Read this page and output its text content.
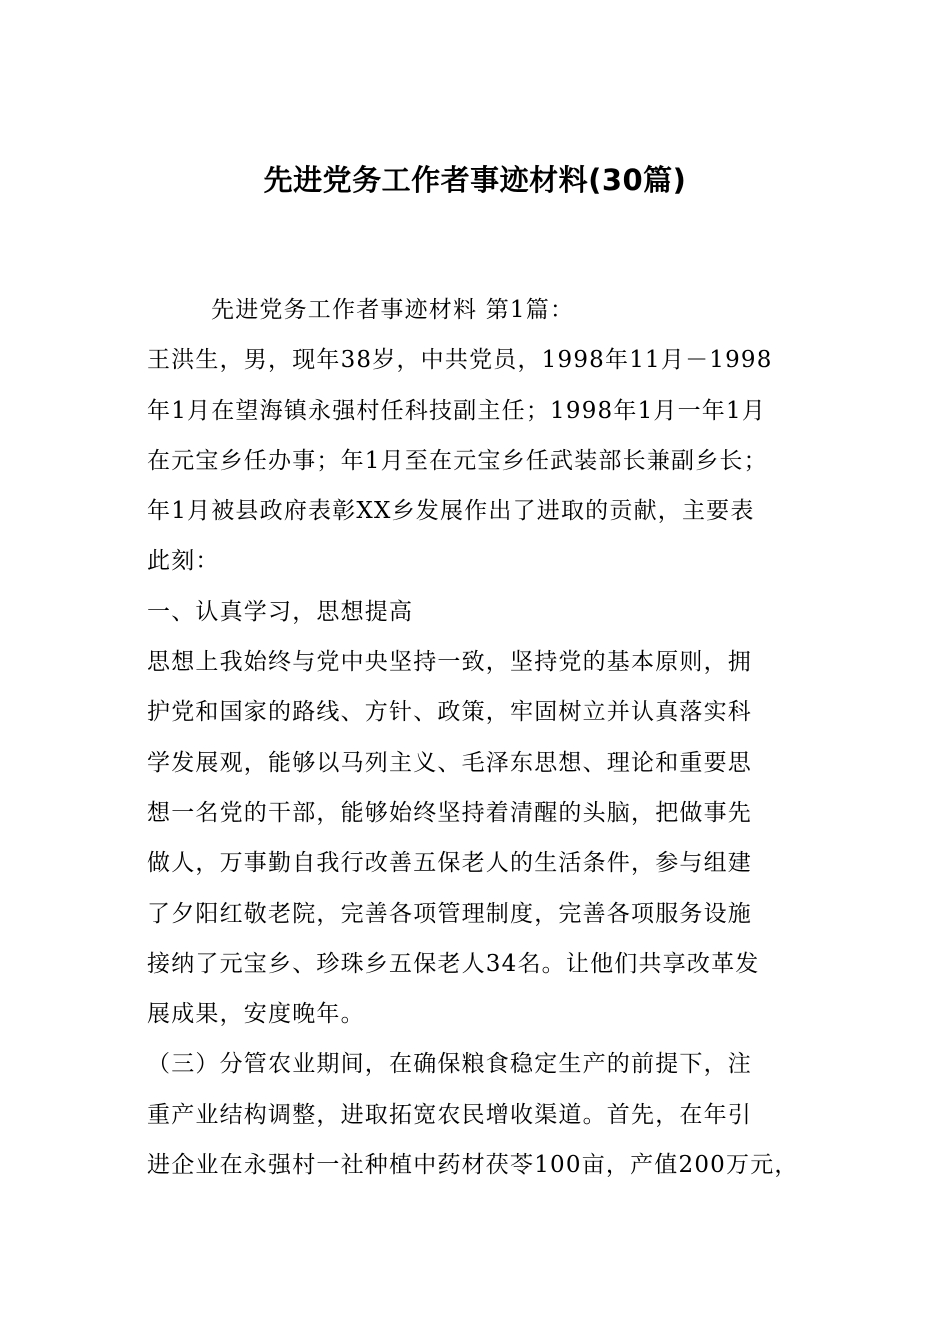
先进党务工作者事迹材料(30篇)
先进党务工作者事迹材料 第1篇：
王洪生，男，现年38岁，中共党员，1998年11月－1998
年1月在望海镇永强村任科技副主任；1998年1月一年1月
在元宝乡任办事；年1月至在元宝乡任武装部长兼副乡长；
年1月被县政府表彰XX乡发展作出了进取的贡献，主要表
此刻：
一、认真学习，思想提高
思想上我始终与党中央坚持一致，坚持党的基本原则，拥
护党和国家的路线、方针、政策，牢固树立并认真落实科
学发展观，能够以马列主义、毛泽东思想、理论和重要思
想一名党的干部，能够始终坚持着清醒的头脑，把做事先
做人，万事勤自我行改善五保老人的生活条件，参与组建
了夕阳红敬老院，完善各项管理制度，完善各项服务设施
接纳了元宝乡、珍珠乡五保老人34名。让他们共享改革发
展成果，安度晚年。
（三）分管农业期间，在确保粮食稳定生产的前提下，注
重产业结构调整，进取拓宽农民增收渠道。首先，在年引
进企业在永强村一社种植中药材茯苓100亩，产值200万元，
